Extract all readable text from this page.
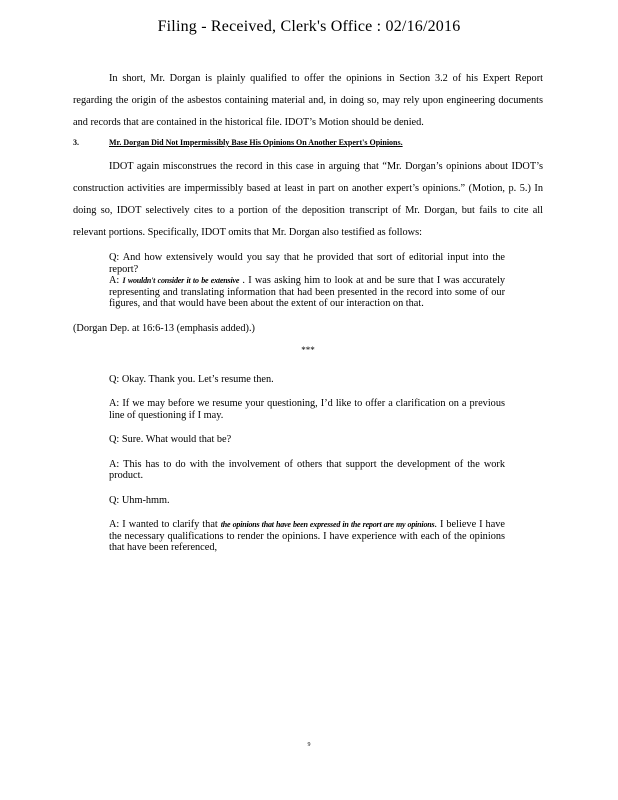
Filing - Received, Clerk's Office : 02/16/2016

In short, Mr. Dorgan is plainly qualified to offer the opinions in Section 3.2 of his Expert Report regarding the origin of the asbestos containing material and, in doing so, may rely upon engineering documents and records that are contained in the historical file. IDOT’s Motion should be denied.

3.	Mr. Dorgan Did Not Impermissibly Base His Opinions On Another Expert's Opinions.

IDOT again misconstrues the record in this case in arguing that “Mr. Dorgan’s opinions about IDOT’s construction activities are impermissibly based at least in part on another expert’s opinions.” (Motion, p. 5.) In doing so, IDOT selectively cites to a portion of the deposition transcript of Mr. Dorgan, but fails to cite all relevant portions. Specifically, IDOT omits that Mr. Dorgan also testified as follows:

Q: And how extensively would you say that he provided that sort of editorial input into the report?

A: I wouldn't consider it to be extensive . I was asking him to look at and be sure that I was accurately representing and translating information that had been presented in the record into some of our figures, and that would have been about the extent of our interaction on that.

(Dorgan Dep. at 16:6-13 (emphasis added).)

***

Q: Okay. Thank you. Let’s resume then.

A: If we may before we resume your questioning, I’d like to offer a clarification on a previous line of questioning if I may.

Q: Sure. What would that be?

A: This has to do with the involvement of others that support the development of the work product.

Q: Uhm-hmm.

A: I wanted to clarify that the opinions that have been expressed in the report are my opinions. I believe I have the necessary qualifications to render the opinions. I have experience with each of the opinions that have been referenced,

9
